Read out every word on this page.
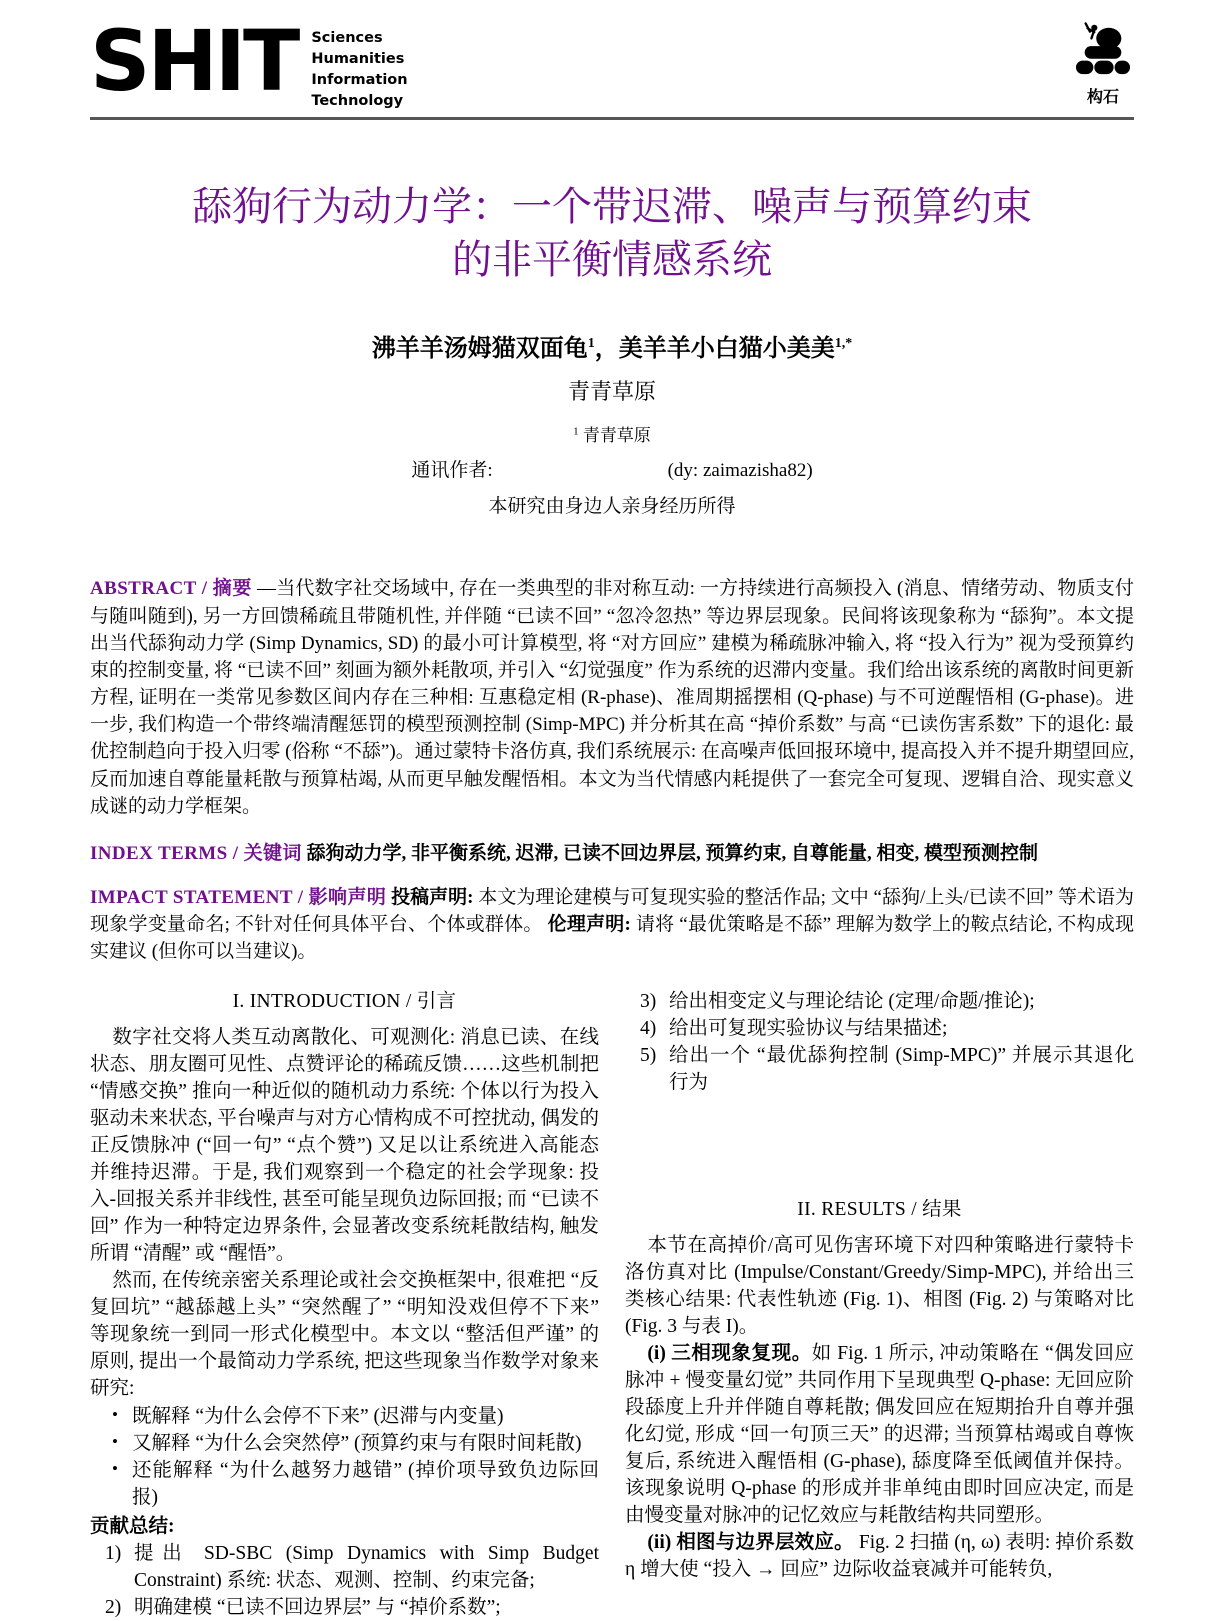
SHIT Sciences
Humanities
Information
Technology	构石
舔狗行为动力学：一个带迟滞、噪声与预算约束
的非平衡情感系统
沸羊羊汤姆猫双面龟$^1$，美羊羊小白猫小美美$^{1,*}$
青青草原
$^1$ 青青草原
通讯作者:	(dy: zaimazisha82)
本研究由身边人亲身经历所得

ABSTRACT / 摘要 —当代数字社交场域中, 存在一类典型的非对称互动: 一方持续进行高频投入 (消息、情绪劳动、物质支付与随叫随到), 另一方回馈稀疏且带随机性, 并伴随 “已读不回” “忽冷忽热” 等边界层现象。民间将该现象称为 “舔狗”。本文提出当代舔狗动力学 (Simp Dynamics, SD) 的最小可计算模型, 将 “对方回应” 建模为稀疏脉冲输入, 将 “投入行为” 视为受预算约束的控制变量, 将 “已读不回” 刻画为额外耗散项, 并引入 “幻觉强度” 作为系统的迟滞内变量。我们给出该系统的离散时间更新方程, 证明在一类常见参数区间内存在三种相: 互惠稳定相 (R-phase)、准周期摇摆相 (Q-phase) 与不可逆醒悟相 (G-phase)。进一步, 我们构造一个带终端清醒惩罚的模型预测控制 (Simp-MPC) 并分析其在高 “掉价系数” 与高 “已读伤害系数” 下的退化: 最优控制趋向于投入归零 (俗称 “不舔”)。通过蒙特卡洛仿真, 我们系统展示: 在高噪声低回报环境中, 提高投入并不提升期望回应, 反而加速自尊能量耗散与预算枯竭, 从而更早触发醒悟相。本文为当代情感内耗提供了一套完全可复现、逻辑自洽、现实意义成谜的动力学框架。

INDEX TERMS / 关键词 舔狗动力学, 非平衡系统, 迟滞, 已读不回边界层, 预算约束, 自尊能量, 相变, 模型预测控制

IMPACT STATEMENT / 影响声明 投稿声明: 本文为理论建模与可复现实验的整活作品; 文中 “舔狗/上头/已读不回” 等术语为现象学变量命名; 不针对任何具体平台、个体或群体。 伦理声明: 请将 “最优策略是不舔” 理解为数学上的鞍点结论, 不构成现实建议 (但你可以当建议)。

I. INTRODUCTION / 引言

数字社交将人类互动离散化、可观测化: 消息已读、在线状态、朋友圈可见性、点赞评论的稀疏反馈……这些机制把 “情感交换” 推向一种近似的随机动力系统: 个体以行为投入驱动未来状态, 平台噪声与对方心情构成不可控扰动, 偶发的正反馈脉冲 (“回一句” “点个赞”) 又足以让系统进入高能态并维持迟滞。于是, 我们观察到一个稳定的社会学现象: 投入-回报关系并非线性, 甚至可能呈现负边际回报; 而 “已读不回” 作为一种特定边界条件, 会显著改变系统耗散结构, 触发所谓 “清醒” 或 “醒悟”。

然而, 在传统亲密关系理论或社会交换框架中, 很难把 “反复回坑” “越舔越上头” “突然醒了” “明知没戏但停不下来” 等现象统一到同一形式化模型中。本文以 “整活但严谨” 的原则, 提出一个最简动力学系统, 把这些现象当作数学对象来研究:

• 既解释 “为什么会停不下来” (迟滞与内变量)
• 又解释 “为什么会突然停” (预算约束与有限时间耗散)
• 还能解释 “为什么越努力越错” (掉价项导致负边际回报)
贡献总结:
1) 提出 SD-SBC (Simp Dynamics with Simp Budget Constraint) 系统: 状态、观测、控制、约束完备;
2) 明确建模 “已读不回边界层” 与 “掉价系数”;
3) 给出相变定义与理论结论 (定理/命题/推论);
4) 给出可复现实验协议与结果描述;
5) 给出一个 “最优舔狗控制 (Simp-MPC)” 并展示其退化行为
II. RESULTS / 结果

本节在高掉价/高可见伤害环境下对四种策略进行蒙特卡洛仿真对比 (Impulse/Constant/Greedy/Simp-MPC), 并给出三类核心结果: 代表性轨迹 (Fig. 1)、相图 (Fig. 2) 与策略对比 (Fig. 3 与表 I)。

(i) 三相现象复现。如 Fig. 1 所示, 冲动策略在 “偶发回应脉冲 + 慢变量幻觉” 共同作用下呈现典型 Q-phase: 无回应阶段舔度上升并伴随自尊耗散; 偶发回应在短期抬升自尊并强化幻觉, 形成 “回一句顶三天” 的迟滞; 当预算枯竭或自尊恢复后, 系统进入醒悟相 (G-phase), 舔度降至低阈值并保持。该现象说明 Q-phase 的形成并非单纯由即时回应决定, 而是由慢变量对脉冲的记忆效应与耗散结构共同塑形。

(ii) 相图与边界层效应。 Fig. 2 扫描 (η, ω) 表明: 掉价系数 η 增大使 “投入 → 回应” 边际收益衰减并可能转负,
